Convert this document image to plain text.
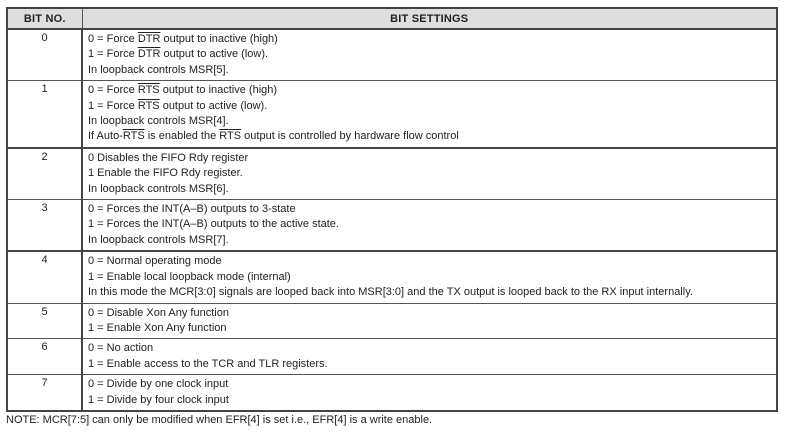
BIT NO.	BIT SETTINGS
0	0 = Force $\overline{DTR}$ output to inactive (high)
1 = Force $\overline{DTR}$ output to active (low).
In loopback controls MSR[5].

1	0 = Force $\overline{RTS}$ output to inactive (high)
1 = Force $\overline{RTS}$ output to active (low).
In loopback controls MSR[4].
If Auto-$\overline{RTS}$ is enabled the $\overline{RTS}$ output is controlled by hardware flow control

2	0 Disables the FIFO Rdy register
1 Enable the FIFO Rdy register.
In loopback controls MSR[6].

3	0 = Forces the INT(A–B) outputs to 3-state
1 = Forces the INT(A–B) outputs to the active state.
In loopback controls MSR[7].

4	0 = Normal operating mode
1 = Enable local loopback mode (internal)
In this mode the MCR[3:0] signals are looped back into MSR[3:0] and the TX output is looped back to the RX input internally.

5	0 = Disable Xon Any function
1 = Enable Xon Any function

6	0 = No action
1 = Enable access to the TCR and TLR registers.

7	0 = Divide by one clock input
1 = Divide by four clock input
NOTE: MCR[7:5] can only be modified when EFR[4] is set i.e., EFR[4] is a write enable.
